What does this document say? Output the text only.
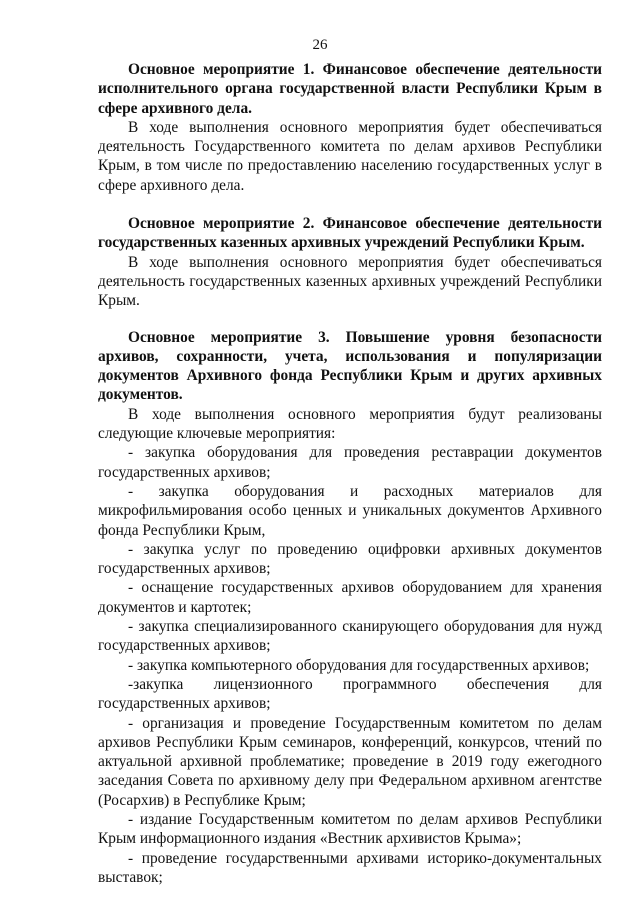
26

Основное мероприятие 1. Финансовое обеспечение деятельности исполнительного органа государственной власти Республики Крым в сфере архивного дела.

В ходе выполнения основного мероприятия будет обеспечиваться деятельность Государственного комитета по делам архивов Республики Крым, в том числе по предоставлению населению государственных услуг в сфере архивного дела.

Основное мероприятие 2. Финансовое обеспечение деятельности государственных казенных архивных учреждений Республики Крым.

В ходе выполнения основного мероприятия будет обеспечиваться деятельность государственных казенных архивных учреждений Республики Крым.

Основное мероприятие 3. Повышение уровня безопасности архивов, сохранности, учета, использования и популяризации документов Архивного фонда Республики Крым и других архивных документов.

В ходе выполнения основного мероприятия будут реализованы следующие ключевые мероприятия:

- закупка оборудования для проведения реставрации документов государственных архивов;

- закупка оборудования и расходных материалов для микрофильмирования особо ценных и уникальных документов Архивного фонда Республики Крым,

- закупка услуг по проведению оцифровки архивных документов государственных архивов;

- оснащение государственных архивов оборудованием для хранения документов и картотек;

- закупка специализированного сканирующего оборудования для нужд государственных архивов;

- закупка компьютерного оборудования для государственных архивов;

-закупка лицензионного программного обеспечения для государственных архивов;

- организация и проведение Государственным комитетом по делам архивов Республики Крым семинаров, конференций, конкурсов, чтений по актуальной архивной проблематике; проведение в 2019 году ежегодного заседания Совета по архивному делу при Федеральном архивном агентстве (Росархив) в Республике Крым;

- издание Государственным комитетом по делам архивов Республики Крым информационного издания «Вестник архивистов Крыма»;

- проведение государственными архивами историко-документальных выставок;
